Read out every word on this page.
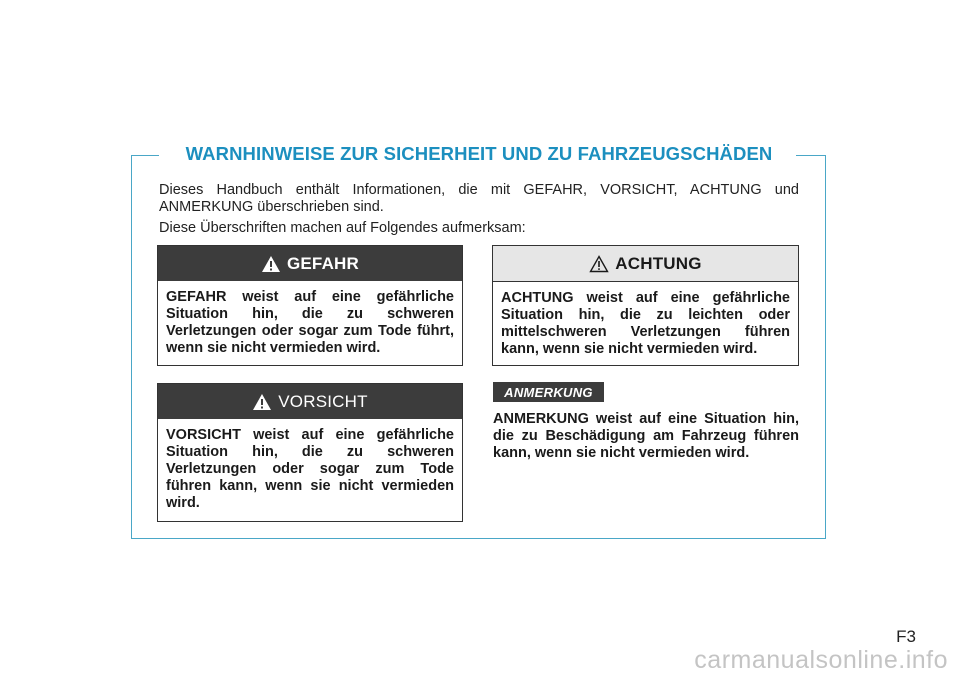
WARNHINWEISE ZUR SICHERHEIT UND ZU FAHRZEUGSCHÄDEN

Dieses Handbuch enthält Informationen, die mit GEFAHR, VORSICHT, ACHTUNG und ANMERKUNG überschrieben sind.

Diese Überschriften machen auf Folgendes aufmerksam:

GEFAHR
GEFAHR weist auf eine gefährliche Situation hin, die zu schweren Verletzungen oder sogar zum Tode führt, wenn sie nicht vermieden wird.
ACHTUNG
ACHTUNG weist auf eine gefährliche Situation hin, die zu leichten oder mittelschweren Verletzungen führen kann, wenn sie nicht vermieden wird.
VORSICHT
VORSICHT weist auf eine gefährliche Situation hin, die zu schweren Verletzungen oder sogar zum Tode führen kann, wenn sie nicht vermieden wird.
ANMERKUNG
ANMERKUNG weist auf eine Situation hin, die zu Beschädigung am Fahrzeug führen kann, wenn sie nicht vermieden wird.
F3
carmanualsonline.info
